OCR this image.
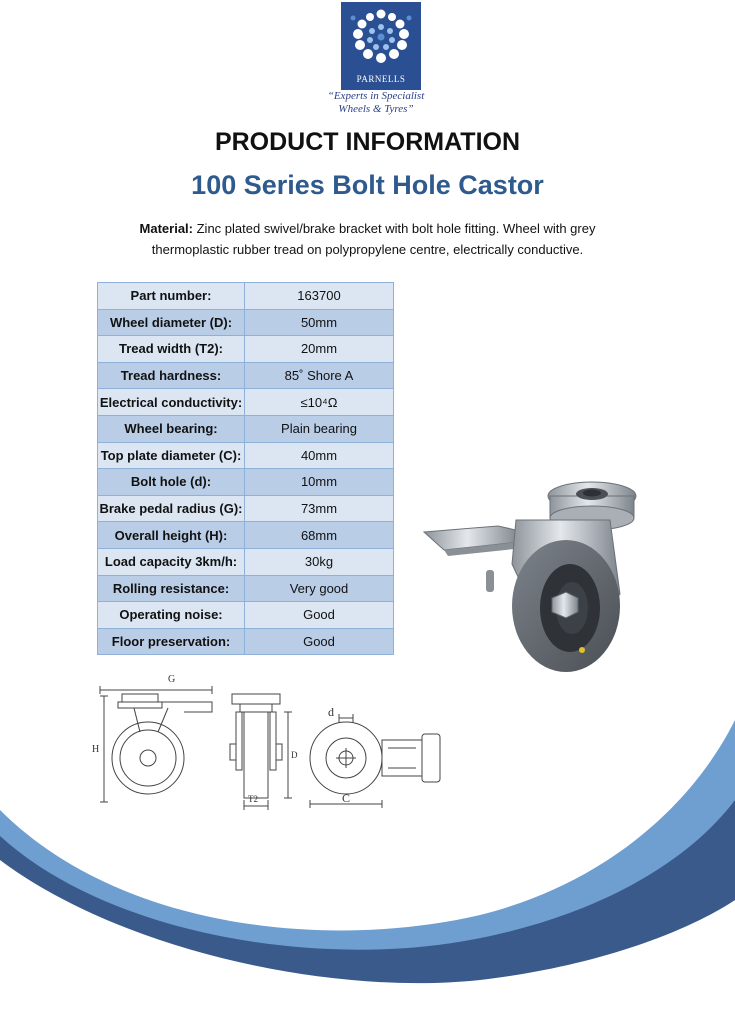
PARNELLS
“Experts in Specialist
Wheels & Tyres”
PRODUCT INFORMATION
100 Series Bolt Hole Castor
Material: Zinc plated swivel/brake bracket with bolt hole fitting. Wheel with grey thermoplastic rubber tread on polypropylene centre, electrically conductive.
Part number:	163700
Wheel diameter (D):	50mm
Tread width (T2):	20mm
Tread hardness:	85˚ Shore A
Electrical conductivity:	≤10⁴Ω
Wheel bearing:	Plain bearing
Top plate diameter (C):	40mm
Bolt hole (d):	10mm
Brake pedal radius (G):	73mm
Overall height (H):	68mm
Load capacity 3km/h:	30kg
Rolling resistance:	Very good
Operating noise:	Good
Floor preservation:	Good
G
H
T2
D
d
C
